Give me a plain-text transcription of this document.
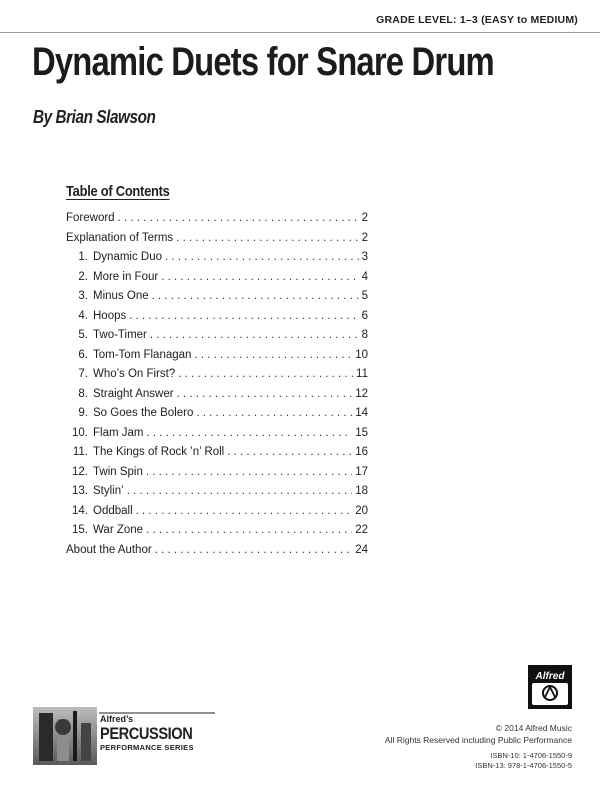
GRADE LEVEL: 1–3 (EASY to MEDIUM)
Dynamic Duets for Snare Drum
By Brian Slawson
Table of Contents
Foreword . . .	2
Explanation of Terms . . .	2
1. Dynamic Duo . . .	3
2. More in Four . . .	4
3. Minus One . . .	5
4. Hoops . . .	6
5. Two-Timer . . .	8
6. Tom-Tom Flanagan . . .	10
7. Who’s On First? . . .	11
8. Straight Answer . . .	12
9. So Goes the Bolero . . .	14
10. Flam Jam . . .	15
11. The Kings of Rock ’n’ Roll . . .	16
12. Twin Spin . . .	17
13. Stylin’ . . .	18
14. Oddball . . .	20
15. War Zone . . .	22
About the Author . . .	24
Alfred
© 2014 Alfred Music
All Rights Reserved including Public Performance
ISBN-10: 1-4706-1550-9
ISBN-13: 978-1-4706-1550-5
Alfred’s
PERCUSSION
PERFORMANCE SERIES
